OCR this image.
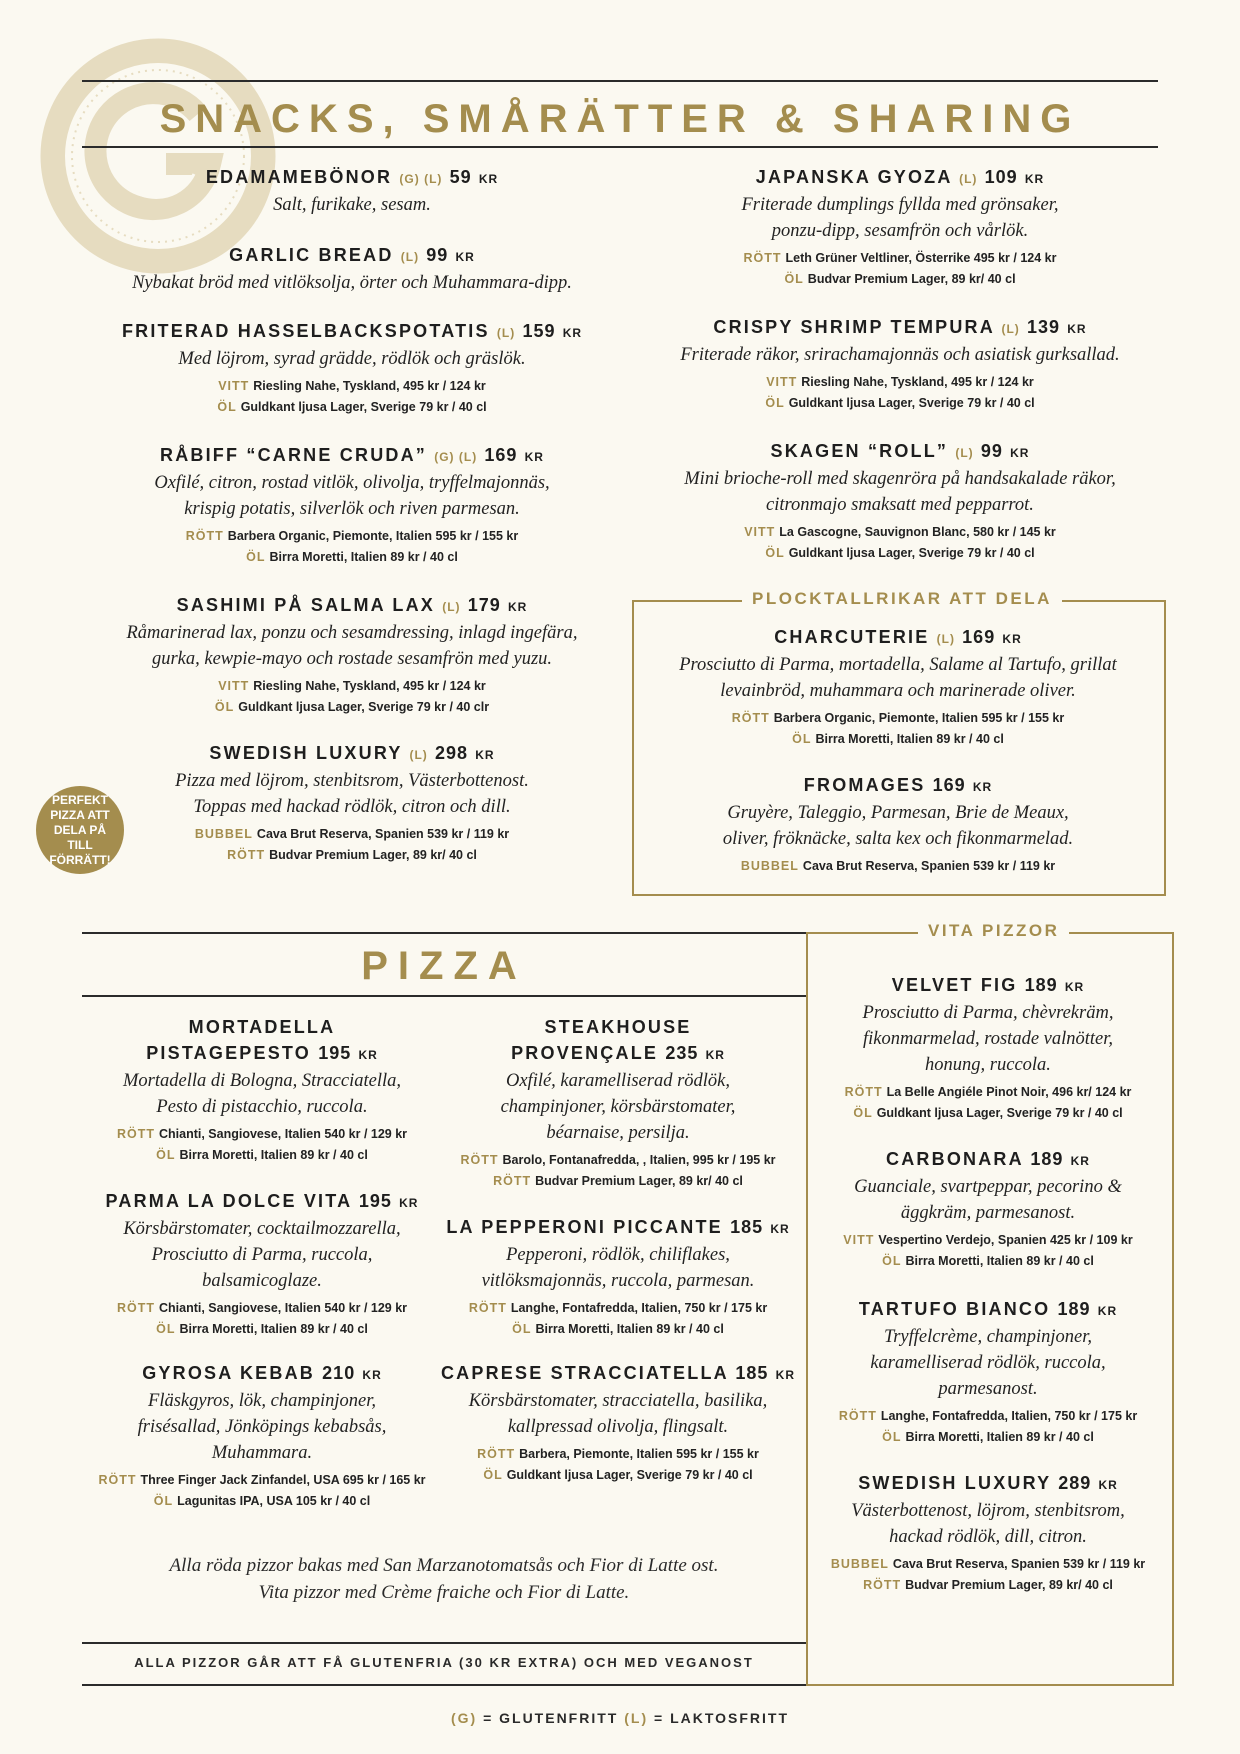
SNACKS, SMÅRÄTTER & SHARING
EDAMAMEBÖNOR (G) (L) 59 KR
Salt, furikake, sesam.
GARLIC BREAD (L) 99 KR
Nybakat bröd med vitlöksolja, örter och Muhammara-dipp.
FRITERAD HASSELBACKSPOTATIS (L) 159 KR
Med löjrom, syrad grädde, rödlök och gräslök.
VITT Riesling Nahe, Tyskland, 495 kr / 124 kr
ÖL Guldkant ljusa Lager, Sverige 79 kr / 40 cl
RÅBIFF “CARNE CRUDA” (G) (L) 169 KR
Oxfilé, citron, rostad vitlök, olivolja, tryffelmajonnäs,
krispig potatis, silverlök och riven parmesan.
RÖTT Barbera Organic, Piemonte, Italien 595 kr / 155 kr
ÖL Birra Moretti, Italien 89 kr / 40 cl
SASHIMI PÅ SALMA LAX (L) 179 KR
Råmarinerad lax, ponzu och sesamdressing, inlagd ingefära,
gurka, kewpie-mayo och rostade sesamfrön med yuzu.
VITT Riesling Nahe, Tyskland, 495 kr / 124 kr
ÖL Guldkant ljusa Lager, Sverige 79 kr / 40 clr
SWEDISH LUXURY (L) 298 KR
Pizza med löjrom, stenbitsrom, Västerbottenost.
Toppas med hackad rödlök, citron och dill.
BUBBEL Cava Brut Reserva, Spanien 539 kr / 119 kr
RÖTT Budvar Premium Lager, 89 kr/ 40 cl
JAPANSKA GYOZA (L) 109 KR
Friterade dumplings fyllda med grönsaker,
ponzu-dipp, sesamfrön och vårlök.
RÖTT Leth Grüner Veltliner, Österrike 495 kr / 124 kr
ÖL Budvar Premium Lager, 89 kr/ 40 cl
CRISPY SHRIMP TEMPURA (L) 139 KR
Friterade räkor, srirachamajonnäs och asiatisk gurksallad.
VITT Riesling Nahe, Tyskland, 495 kr / 124 kr
ÖL Guldkant ljusa Lager, Sverige 79 kr / 40 cl
SKAGEN “ROLL” (L) 99 KR
Mini brioche-roll med skagenröra på handsakalade räkor,
citronmajo smaksatt med pepparrot.
VITT La Gascogne, Sauvignon Blanc, 580 kr / 145 kr
ÖL Guldkant ljusa Lager, Sverige 79 kr / 40 cl
PERFEKT PIZZA ATT DELA PÅ TILL FÖRRÄTT!
PLOCKTALLRIKAR ATT DELA
CHARCUTERIE (L) 169 KR
Prosciutto di Parma, mortadella, Salame al Tartufo, grillat
levainbröd, muhammara och marinerade oliver.
RÖTT Barbera Organic, Piemonte, Italien 595 kr / 155 kr
ÖL Birra Moretti, Italien 89 kr / 40 cl
FROMAGES 169 KR
Gruyère, Taleggio, Parmesan, Brie de Meaux,
oliver, fröknäcke, salta kex och fikonmarmelad.
BUBBEL Cava Brut Reserva, Spanien 539 kr / 119 kr
PIZZA
MORTADELLA
PISTAGEPESTO 195 KR
Mortadella di Bologna, Stracciatella,
Pesto di pistacchio, ruccola.
RÖTT Chianti, Sangiovese, Italien 540 kr / 129 kr
ÖL Birra Moretti, Italien 89 kr / 40 cl
PARMA LA DOLCE VITA 195 KR
Körsbärstomater, cocktailmozzarella,
Prosciutto di Parma, ruccola,
balsamicoglaze.
RÖTT Chianti, Sangiovese, Italien 540 kr / 129 kr
ÖL Birra Moretti, Italien 89 kr / 40 cl
GYROSA KEBAB 210 KR
Fläskgyros, lök, champinjoner,
frisésallad, Jönköpings kebabsås,
Muhammara.
RÖTT Three Finger Jack Zinfandel, USA 695 kr / 165 kr
ÖL Lagunitas IPA, USA 105 kr / 40 cl
STEAKHOUSE
PROVENÇALE 235 KR
Oxfilé, karamelliserad rödlök,
champinjoner, körsbärstomater,
béarnaise, persilja.
RÖTT Barolo, Fontanafredda, , Italien, 995 kr / 195 kr
RÖTT Budvar Premium Lager, 89 kr/ 40 cl
LA PEPPERONI PICCANTE 185 KR
Pepperoni, rödlök, chiliflakes,
vitlöksmajonnäs, ruccola, parmesan.
RÖTT Langhe, Fontafredda, Italien, 750 kr / 175 kr
ÖL Birra Moretti, Italien 89 kr / 40 cl
CAPRESE STRACCIATELLA 185 KR
Körsbärstomater, stracciatella, basilika,
kallpressad olivolja, flingsalt.
RÖTT Barbera, Piemonte, Italien 595 kr / 155 kr
ÖL Guldkant ljusa Lager, Sverige 79 kr / 40 cl
Alla röda pizzor bakas med San Marzanotomatsås och Fior di Latte ost.
Vita pizzor med Crème fraiche och Fior di Latte.
ALLA PIZZOR GÅR ATT FÅ GLUTENFRIA (30 KR EXTRA) OCH MED VEGANOST
VITA PIZZOR
VELVET FIG 189 KR
Prosciutto di Parma, chèvrekräm,
fikonmarmelad, rostade valnötter,
honung, ruccola.
RÖTT La Belle Angiéle Pinot Noir, 496 kr/ 124 kr
ÖL Guldkant ljusa Lager, Sverige 79 kr / 40 cl
CARBONARA 189 KR
Guanciale, svartpeppar, pecorino &
äggkräm, parmesanost.
VITT Vespertino Verdejo, Spanien 425 kr / 109 kr
ÖL Birra Moretti, Italien 89 kr / 40 cl
TARTUFO BIANCO 189 KR
Tryffelcrème, champinjoner,
karamelliserad rödlök, ruccola,
parmesanost.
RÖTT Langhe, Fontafredda, Italien, 750 kr / 175 kr
ÖL Birra Moretti, Italien 89 kr / 40 cl
SWEDISH LUXURY 289 KR
Västerbottenost, löjrom, stenbitsrom,
hackad rödlök, dill, citron.
BUBBEL Cava Brut Reserva, Spanien 539 kr / 119 kr
RÖTT Budvar Premium Lager, 89 kr/ 40 cl
(G) = GLUTENFRITT (L) = LAKTOSFRITT
